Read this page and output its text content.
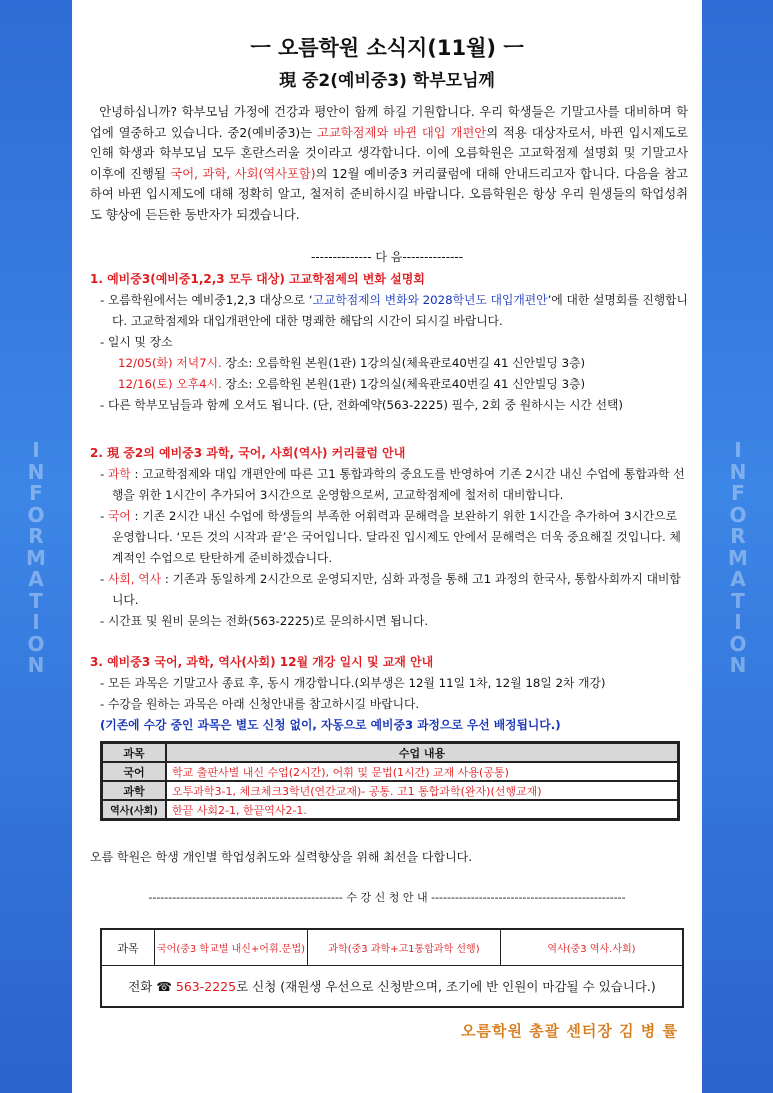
I
N
F
O
R
M
A
T
I
O
N
I
N
F
O
R
M
A
T
I
O
N
ㅡ 오름학원 소식지(11월) ㅡ
現 중2(예비중3) 학부모님께
안녕하십니까? 학부모님 가정에 건강과 평안이 함께 하길 기원합니다. 우리 학생들은 기말고사를 대비하며 학업에 열중하고 있습니다. 중2(예비중3)는 고교학점제와 바뀐 대입 개편안의 적용 대상자로서, 바뀐 입시제도로 인해 학생과 학부모님 모두 혼란스러울 것이라고 생각합니다. 이에 오름학원은 고교학점제 설명회 및 기말고사 이후에 진행될 국어, 과학, 사회(역사포함)의 12월 예비중3 커리큘럼에 대해 안내드리고자 합니다. 다음을 참고하여 바뀐 입시제도에 대해 정확히 알고, 철저히 준비하시길 바랍니다. 오름학원은 항상 우리 원생들의 학업성취도 향상에 든든한 동반자가 되겠습니다.
-------------- 다 음--------------
1. 예비중3(예비중1,2,3 모두 대상) 고교학점제의 변화 설명회
- 오름학원에서는 예비중1,2,3 대상으로 ‘고교학점제의 변화와 2028학년도 대입개편안’에 대한 설명회를 진행합니다. 고교학점제와 대입개편안에 대한 명쾌한 해답의 시간이 되시길 바랍니다.
- 일시 및 장소
12/05(화) 저녁7시. 장소: 오름학원 본원(1관) 1강의실(체육관로40번길 41 신안빌딩 3층)
12/16(토) 오후4시. 장소: 오름학원 본원(1관) 1강의실(체육관로40번길 41 신안빌딩 3층)
- 다른 학부모님들과 함께 오셔도 됩니다. (단, 전화예약(563-2225) 필수, 2회 중 원하시는 시간 선택)
2. 現 중2의 예비중3 과학, 국어, 사회(역사) 커리큘럼 안내
- 과학 : 고교학점제와 대입 개편안에 따른 고1 통합과학의 중요도를 반영하여 기존 2시간 내신 수업에 통합과학 선행을 위한 1시간이 추가되어 3시간으로 운영함으로써, 고교학점제에 철저히 대비합니다.
- 국어 : 기존 2시간 내신 수업에 학생들의 부족한 어휘력과 문해력을 보완하기 위한 1시간을 추가하여 3시간으로 운영합니다. ‘모든 것의 시작과 끝’은 국어입니다. 달라진 입시제도 안에서 문해력은 더욱 중요해질 것입니다. 체계적인 수업으로 탄탄하게 준비하겠습니다.
- 사회, 역사 : 기존과 동일하게 2시간으로 운영되지만, 심화 과정을 통해 고1 과정의 한국사, 통합사회까지 대비합니다.
- 시간표 및 원비 문의는 전화(563-2225)로 문의하시면 됩니다.
3. 예비중3 국어, 과학, 역사(사회) 12월 개강 일시 및 교재 안내
- 모든 과목은 기말고사 종료 후, 동시 개강합니다.(외부생은 12월 11일 1차, 12월 18일 2차 개강)
- 수강을 원하는 과목은 아래 신청안내를 참고하시길 바랍니다.
(기존에 수강 중인 과목은 별도 신청 없이, 자동으로 예비중3 과정으로 우선 배정됩니다.)
과목	수업 내용
국어	학교 출판사별 내신 수업(2시간), 어휘 및 문법(1시간) 교재 사용(공통)
과학	오투과학3-1, 체크체크3학년(연간교재)- 공통. 고1 통합과학(완자)(선행교재)
역사(사회)	한끝 사회2-1, 한끝역사2-1.
오름 학원은 학생 개인별 학업성취도와 실력향상을 위해 최선을 다합니다.
------------------------------------------------- 수 강 신 청 안 내 -------------------------------------------------
과목	국어(중3 학교별 내신+어휘.문법)	과학(중3 과학+고1통합과학 선행)	역사(중3 역사.사회)
전화 ☎ 563-2225로 신청 (재원생 우선으로 신청받으며, 조기에 반 인원이 마감될 수 있습니다.)
오름학원 총괄 센터장 김 병 률
